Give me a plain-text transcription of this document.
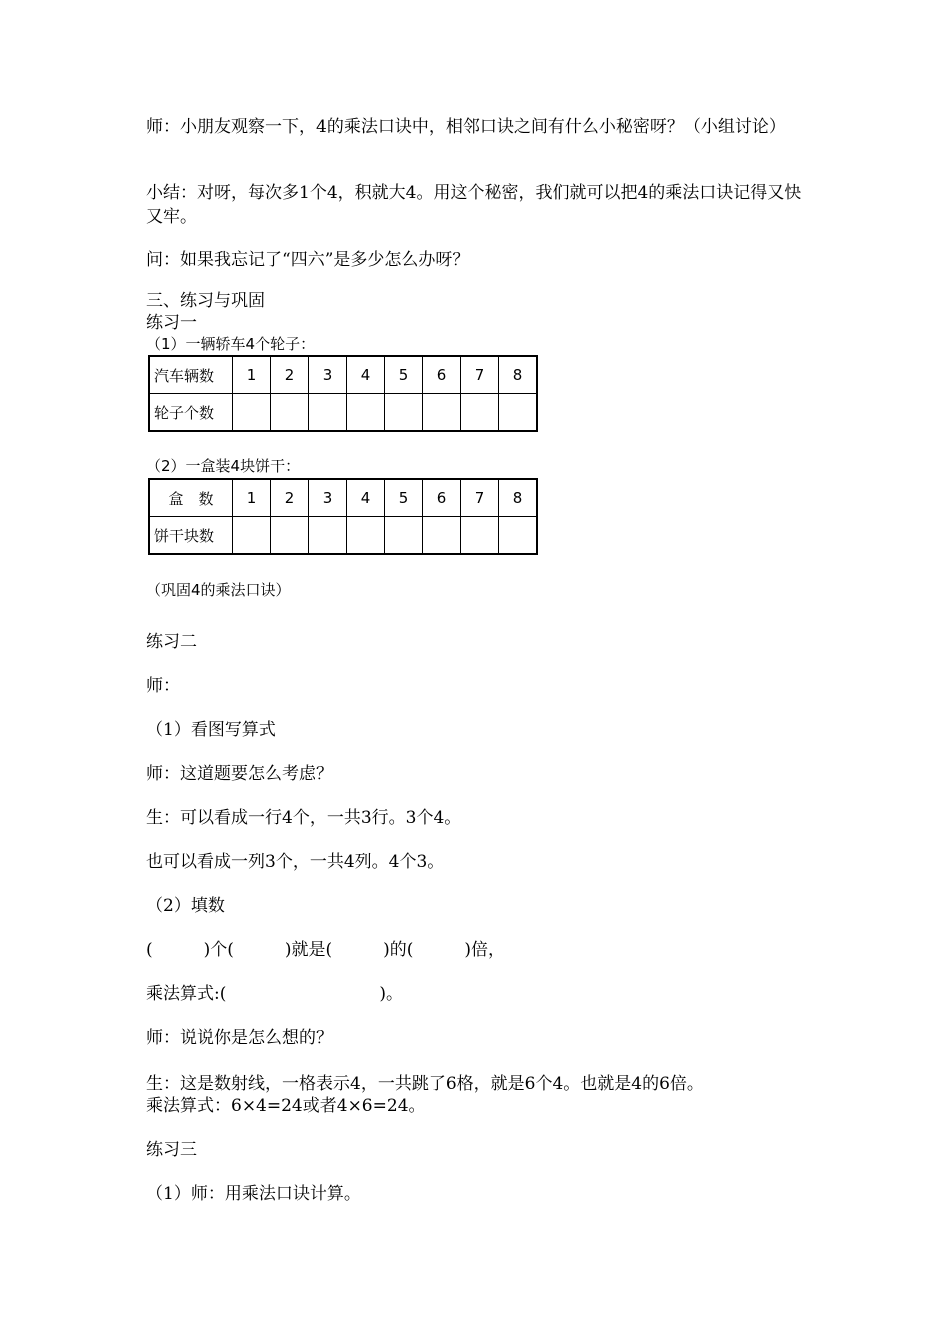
师：小朋友观察一下，4的乘法口诀中，相邻口诀之间有什么小秘密呀？（小组讨论）

小结：对呀，每次多1个4，积就大4。用这个秘密，我们就可以把4的乘法口诀记得又快又牢。

问：如果我忘记了“四六”是多少怎么办呀？

三、练习与巩固

练习一

（1）一辆轿车4个轮子：

汽车辆数	1	2	3	4	5	6	7	8
轮子个数								

（2）一盒装4块饼干：

盒　数	1	2	3	4	5	6	7	8
饼干块数								

（巩固4的乘法口诀）

练习二

师：

（1）看图写算式

师：这道题要怎么考虑？

生：可以看成一行4个，一共3行。3个4。

也可以看成一列3个，一共4列。4个3。

（2）填数

(　　　)个(　　　)就是(　　　)的(　　　)倍，

乘法算式:(　　　　　　　　　)。

师：说说你是怎么想的？

生：这是数射线，一格表示4，一共跳了6格，就是6个4。也就是4的6倍。

乘法算式：6×4=24或者4×6=24。

练习三

（1）师：用乘法口诀计算。
